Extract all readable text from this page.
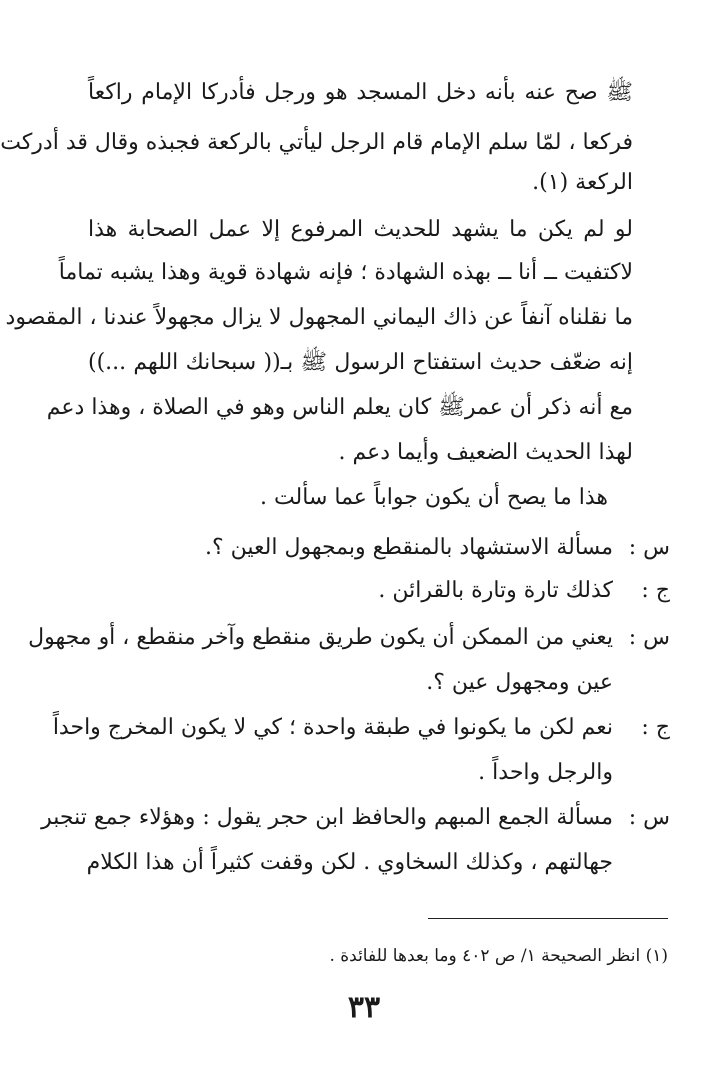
ﷺ صح عنه بأنه دخل المسجد هو ورجل فأدركا الإمام راكعاً
فركعا ، لمّا سلم الإمام قام الرجل ليأتي بالركعة فجبذه وقال قد أدركت
الركعة (١).
لو لم يكن ما يشهد للحديث المرفوع إلا عمل الصحابة هذا
لاكتفيت ــ أنا ــ بهذه الشهادة ؛ فإنه شهادة قوية وهذا يشبه تماماً
ما نقلناه آنفاً عن ذاك اليماني المجهول لا يزال مجهولاً عندنا ، المقصود
إنه ضعّف حديث استفتاح الرسول ﷺ بـ(( سبحانك اللهم ...))
مع أنه ذكر أن عمرﷺ كان يعلم الناس وهو في الصلاة ، وهذا دعم
لهذا الحديث الضعيف وأيما دعم .
هذا ما يصح أن يكون جواباً عما سألت .
س :
مسألة الاستشهاد بالمنقطع وبمجهول العين ؟.
ج :
كذلك تارة وتارة بالقرائن .
س :
يعني من الممكن أن يكون طريق منقطع وآخر منقطع ، أو مجهول
عين ومجهول عين ؟.
ج :
نعم لكن ما يكونوا في طبقة واحدة ؛ كي لا يكون المخرج واحداً
والرجل واحداً .
س :
مسألة الجمع المبهم والحافظ ابن حجر يقول : وهؤلاء جمع تنجبر
جهالتهم ، وكذلك السخاوي . لكن وقفت كثيراً أن هذا الكلام
(١) انظر الصحيحة ١/ ص ٤٠٢ وما بعدها للفائدة .
٣٣
